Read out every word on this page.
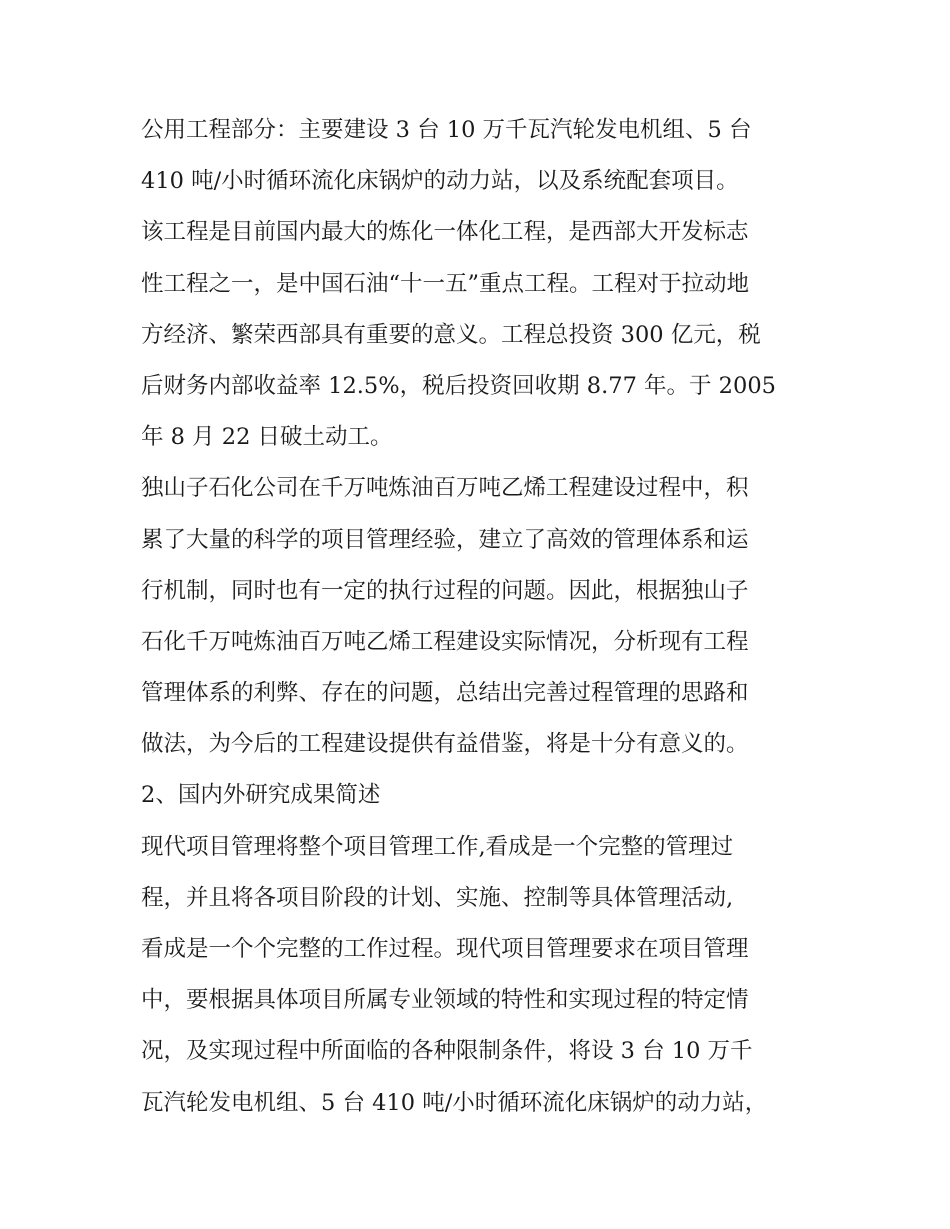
公用工程部分：主要建设 3 台 10 万千瓦汽轮发电机组、5 台
410 吨/小时循环流化床锅炉的动力站，以及系统配套项目。
该工程是目前国内最大的炼化一体化工程，是西部大开发标志
性工程之一，是中国石油“十一五”重点工程。工程对于拉动地
方经济、繁荣西部具有重要的意义。工程总投资 300 亿元，税
后财务内部收益率 12.5%，税后投资回收期 8.77 年。于 2005
年 8 月 22 日破土动工。
独山子石化公司在千万吨炼油百万吨乙烯工程建设过程中，积
累了大量的科学的项目管理经验，建立了高效的管理体系和运
行机制，同时也有一定的执行过程的问题。因此，根据独山子
石化千万吨炼油百万吨乙烯工程建设实际情况，分析现有工程
管理体系的利弊、存在的问题，总结出完善过程管理的思路和
做法，为今后的工程建设提供有益借鉴，将是十分有意义的。
2、国内外研究成果简述
现代项目管理将整个项目管理工作,看成是一个完整的管理过
程，并且将各项目阶段的计划、实施、控制等具体管理活动,
看成是一个个完整的工作过程。现代项目管理要求在项目管理
中，要根据具体项目所属专业领域的特性和实现过程的特定情
况，及实现过程中所面临的各种限制条件，将设 3 台 10 万千
瓦汽轮发电机组、5 台 410 吨/小时循环流化床锅炉的动力站，
